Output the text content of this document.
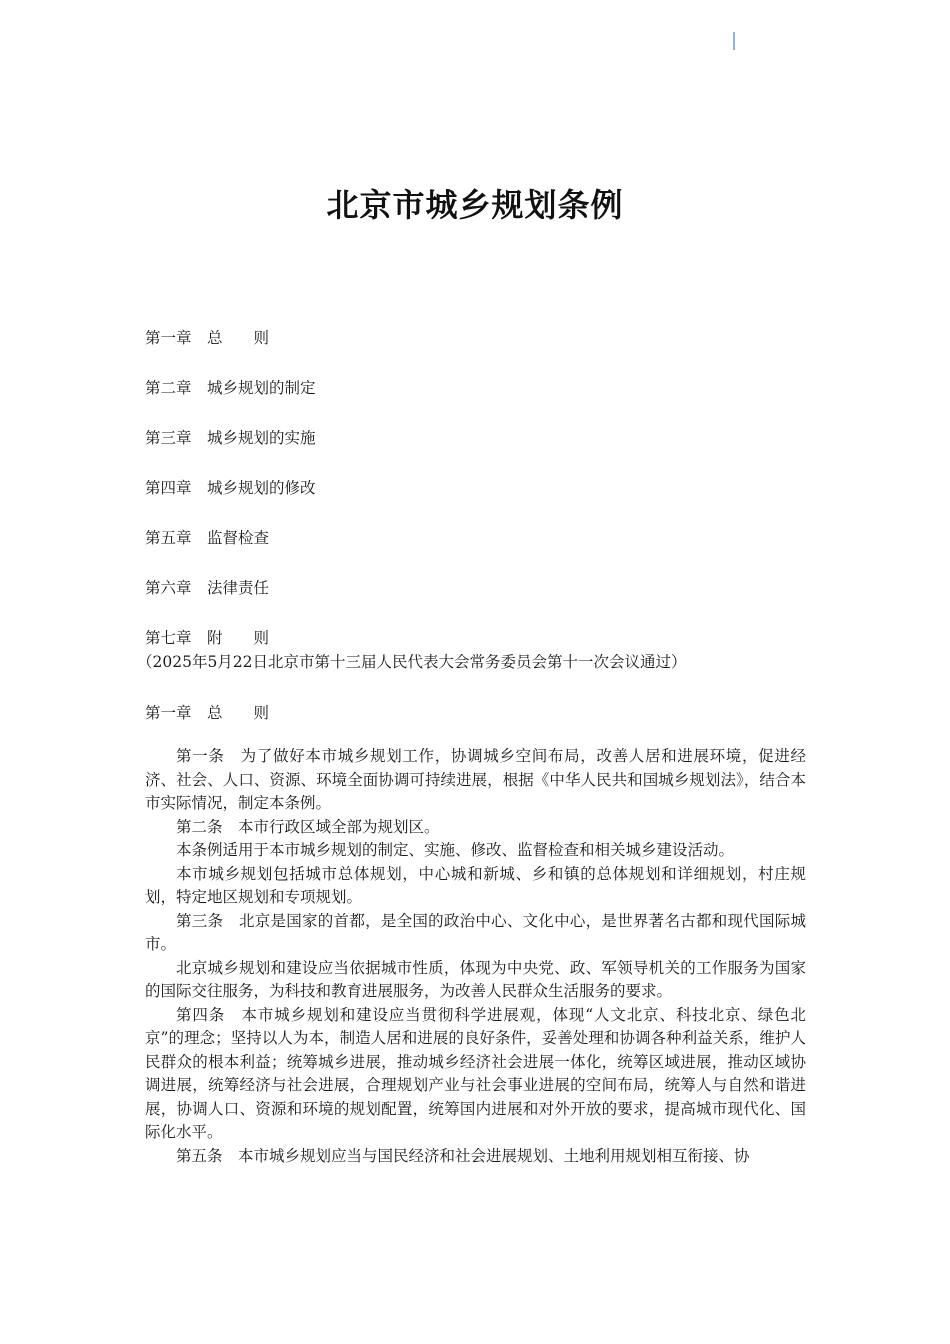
北京市城乡规划条例
第一章　总　　则
第二章　城乡规划的制定
第三章　城乡规划的实施
第四章　城乡规划的修改
第五章　监督检查
第六章　法律责任
第七章　附　　则
（2025年5月22日北京市第十三届人民代表大会常务委员会第十一次会议通过）
第一章　总　　则

第一条　为了做好本市城乡规划工作，协调城乡空间布局，改善人居和进展环境，促进经济、社会、人口、资源、环境全面协调可持续进展，根据《中华人民共和国城乡规划法》，结合本市实际情况，制定本条例。

第二条　本市行政区域全部为规划区。

本条例适用于本市城乡规划的制定、实施、修改、监督检查和相关城乡建设活动。

本市城乡规划包括城市总体规划，中心城和新城、乡和镇的总体规划和详细规划，村庄规划，特定地区规划和专项规划。

第三条　北京是国家的首都，是全国的政治中心、文化中心，是世界著名古都和现代国际城市。

北京城乡规划和建设应当依据城市性质，体现为中央党、政、军领导机关的工作服务为国家的国际交往服务，为科技和教育进展服务，为改善人民群众生活服务的要求。

第四条　本市城乡规划和建设应当贯彻科学进展观，体现“人文北京、科技北京、绿色北京”的理念；坚持以人为本，制造人居和进展的良好条件，妥善处理和协调各种利益关系，维护人民群众的根本利益；统筹城乡进展，推动城乡经济社会进展一体化，统筹区域进展，推动区域协调进展，统筹经济与社会进展，合理规划产业与社会事业进展的空间布局，统筹人与自然和谐进展，协调人口、资源和环境的规划配置，统筹国内进展和对外开放的要求，提高城市现代化、国际化水平。

第五条　本市城乡规划应当与国民经济和社会进展规划、土地利用规划相互衔接、协
